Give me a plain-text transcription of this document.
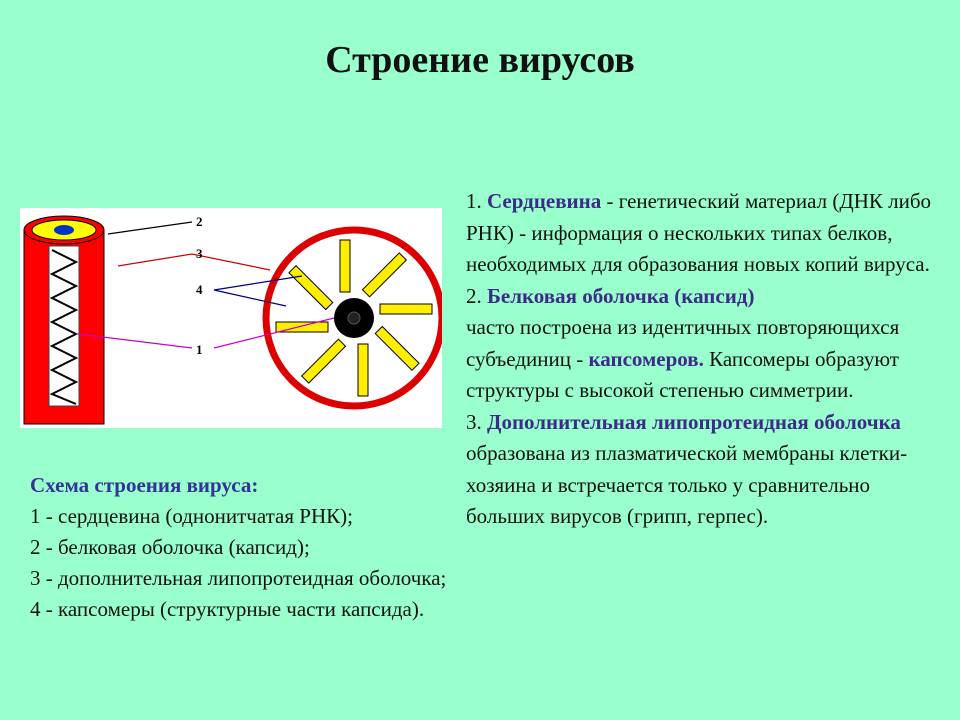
Строение вирусов
2
3
4
1

Схема строения вируса:

1 - сердцевина (однонитчатая РНК);

2 - белковая оболочка (капсид);

3 - дополнительная липопротеидная оболочка;

4 - капсомеры (структурные части капсида).

1. Сердцевина - генетический материал (ДНК либо РНК) - информация о нескольких типах белков, необходимых для образования новых копий вируса.

2. Белковая оболочка (капсид)
часто построена из идентичных повторяющихся субъединиц - капсомеров. Капсомеры образуют структуры с высокой степенью симметрии.

3. Дополнительная липопротеидная оболочка образована из плазматической мембраны клетки-хозяина и встречается только у сравнительно больших вирусов (грипп, герпес).
